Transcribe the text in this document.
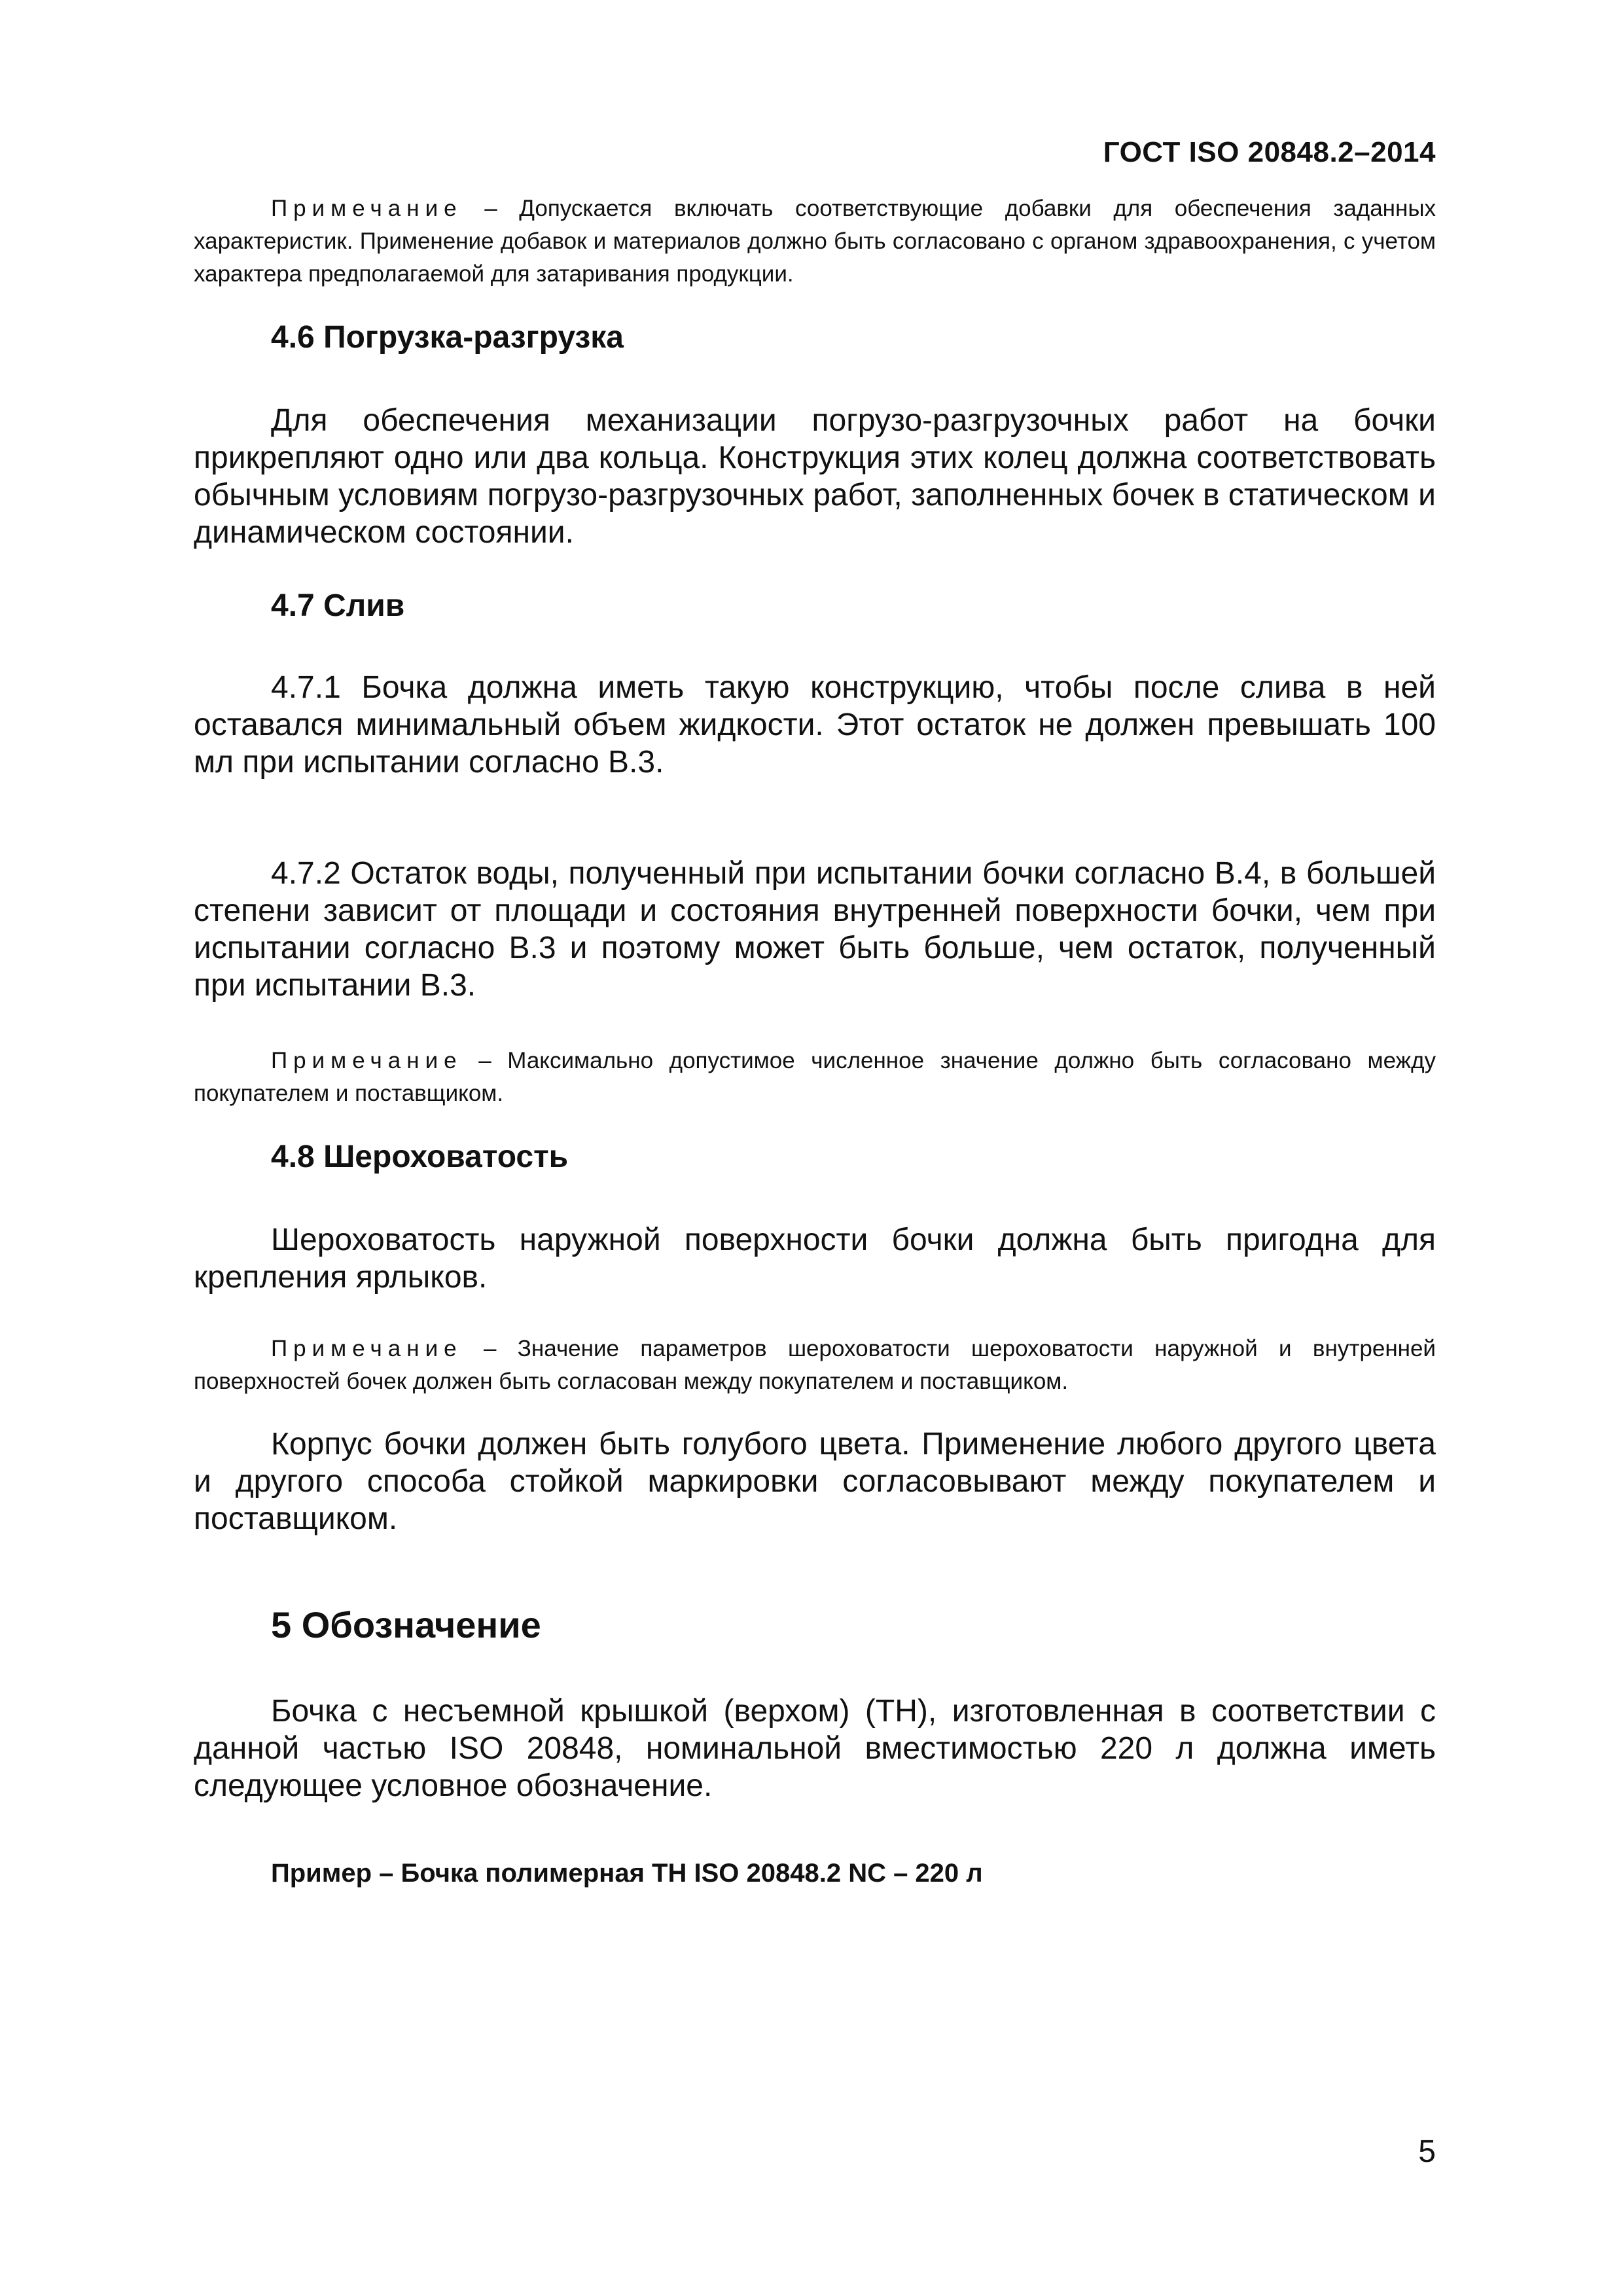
ГОСТ ISO 20848.2–2014
Примечание – Допускается включать соответствующие добавки для обеспечения заданных характеристик. Применение добавок и материалов должно быть согласовано с органом здравоохранения, с учетом характера предполагаемой для затаривания продукции.
4.6 Погрузка-разгрузка
Для обеспечения механизации погрузо-разгрузочных работ на бочки прикрепляют одно или два кольца. Конструкция этих колец должна соответствовать обычным условиям погрузо-разгрузочных работ, заполненных бочек в статическом и динамическом состоянии.
4.7 Слив
4.7.1 Бочка должна иметь такую конструкцию, чтобы после слива в ней оставался минимальный объем жидкости. Этот остаток не должен превышать 100 мл при испытании согласно В.3.
4.7.2 Остаток воды, полученный при испытании бочки согласно В.4, в большей степени зависит от площади и состояния внутренней поверхности бочки, чем при испытании согласно В.3 и поэтому может быть больше, чем остаток, полученный при испытании В.3.
Примечание – Максимально допустимое численное значение должно быть согласовано между покупателем и поставщиком.
4.8 Шероховатость
Шероховатость наружной поверхности бочки должна быть пригодна для крепления ярлыков.
Примечание – Значение параметров шероховатости шероховатости наружной и внутренней поверхностей бочек должен быть согласован между покупателем и поставщиком.
Корпус бочки должен быть голубого цвета. Применение любого другого цвета и другого способа стойкой маркировки согласовывают между покупателем и поставщиком.
5 Обозначение
Бочка с несъемной крышкой (верхом) (ТН), изготовленная в соответствии с данной частью ISO 20848, номинальной вместимостью 220 л должна иметь следующее условное обозначение.
Пример – Бочка полимерная ТН ISO 20848.2 NC – 220 л
5
